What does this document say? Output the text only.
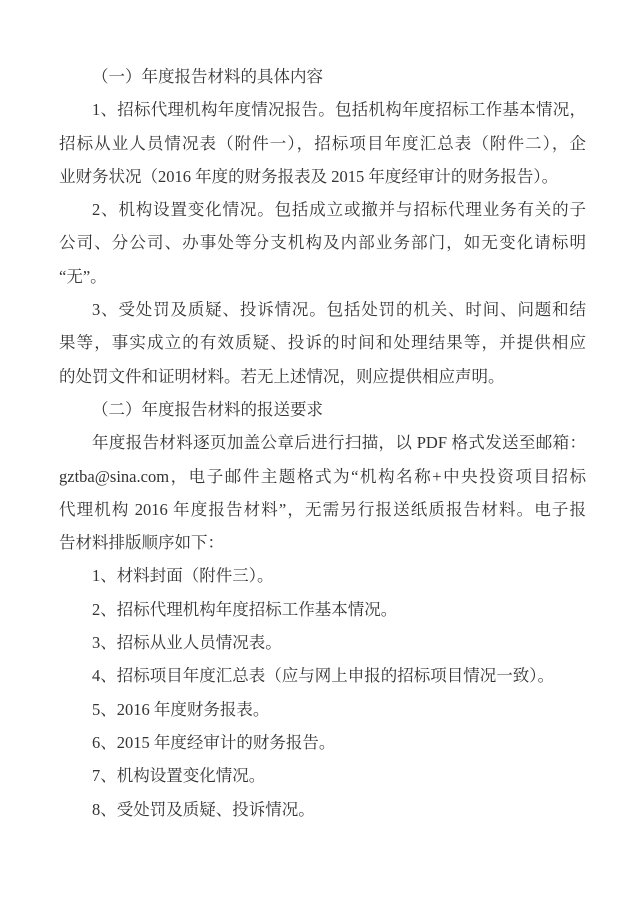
（一）年度报告材料的具体内容
1、招标代理机构年度情况报告。包括机构年度招标工作基本情况，
招标从业人员情况表（附件一），招标项目年度汇总表（附件二），企
业财务状况（2016 年度的财务报表及 2015 年度经审计的财务报告）。
2、机构设置变化情况。包括成立或撤并与招标代理业务有关的子
公司、分公司、办事处等分支机构及内部业务部门，如无变化请标明
“无”。
3、受处罚及质疑、投诉情况。包括处罚的机关、时间、问题和结
果等，事实成立的有效质疑、投诉的时间和处理结果等，并提供相应
的处罚文件和证明材料。若无上述情况，则应提供相应声明。
（二）年度报告材料的报送要求
年度报告材料逐页加盖公章后进行扫描，以 PDF 格式发送至邮箱：
gztba@sina.com，电子邮件主题格式为“机构名称+中央投资项目招标
代理机构 2016 年度报告材料”，无需另行报送纸质报告材料。电子报
告材料排版顺序如下：
1、材料封面（附件三）。
2、招标代理机构年度招标工作基本情况。
3、招标从业人员情况表。
4、招标项目年度汇总表（应与网上申报的招标项目情况一致）。
5、2016 年度财务报表。
6、2015 年度经审计的财务报告。
7、机构设置变化情况。
8、受处罚及质疑、投诉情况。
